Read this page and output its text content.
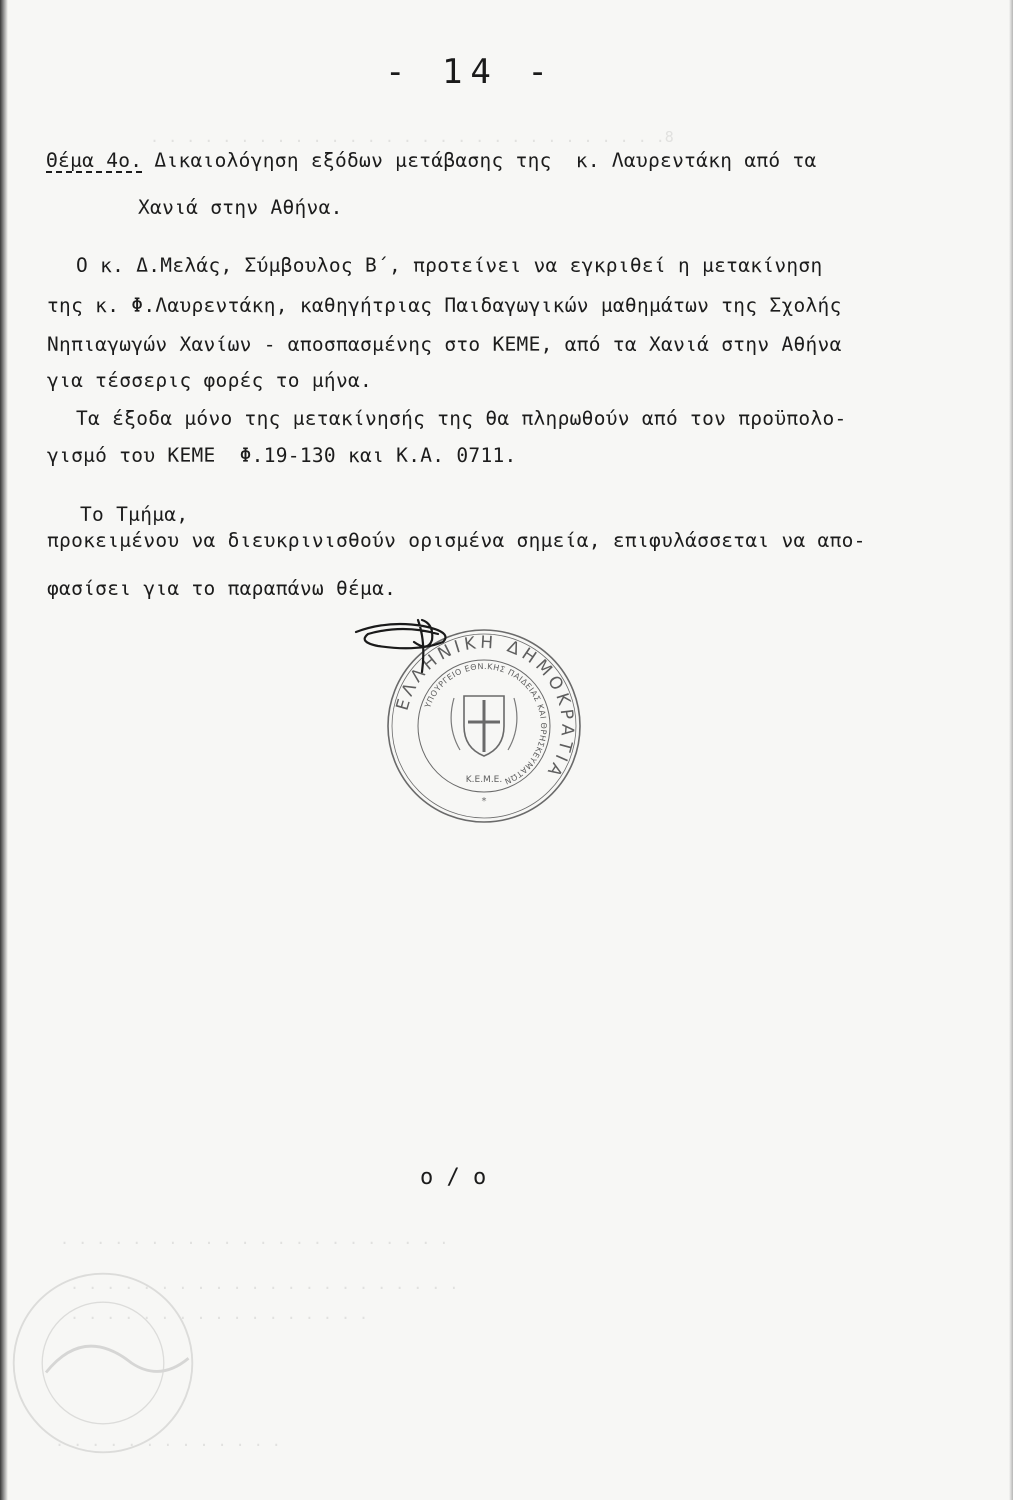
8. . . . . . . . . . . . . . . . . . . . . . . . . . . . .
. . . . . . . . . . . . . . . . . . . . . .
. . . . . . . . . . . . . . . . . . . . . .
. . . . . . . . . . . . . . . . .
. . . . . . . . . . . . .
- 14 -
Θέμα 4ο. Δικαιολόγηση εξόδων μετάβασης της  κ. Λαυρεντάκη από τα
Χανιά στην Αθήνα.
Ο κ. Δ.Μελάς, Σύμβουλος Β΄, προτείνει να εγκριθεί η μετακίνηση
της κ. Φ.Λαυρεντάκη, καθηγήτριας Παιδαγωγικών μαθημάτων της Σχολής
Νηπιαγωγών Χανίων - αποσπασμένης στο ΚΕΜΕ, από τα Χανιά στην Αθήνα
για τέσσερις φορές το μήνα.
Τα έξοδα μόνο της μετακίνησής της θα πληρωθούν από τον προϋπολο-
γισμό του ΚΕΜΕ  Φ.19-130 και Κ.Α. 0711.
Το Τμήμα,
προκειμένου να διευκρινισθούν ορισμένα σημεία, επιφυλάσσεται να απο-
φασίσει για το παραπάνω θέμα.
ΕΛΛΗΝΙΚΗ ΔΗΜΟΚΡΑΤΙΑ
ΥΠΟΥΡΓΕΙΟ ΕΘΝ.ΚΗΣ ΠΑΙΔΕΙΑΣ ΚΑΙ ΘΡΗΣΚΕΥΜΑΤΩΝ
Κ.Ε.Μ.Ε.
*
o / o
